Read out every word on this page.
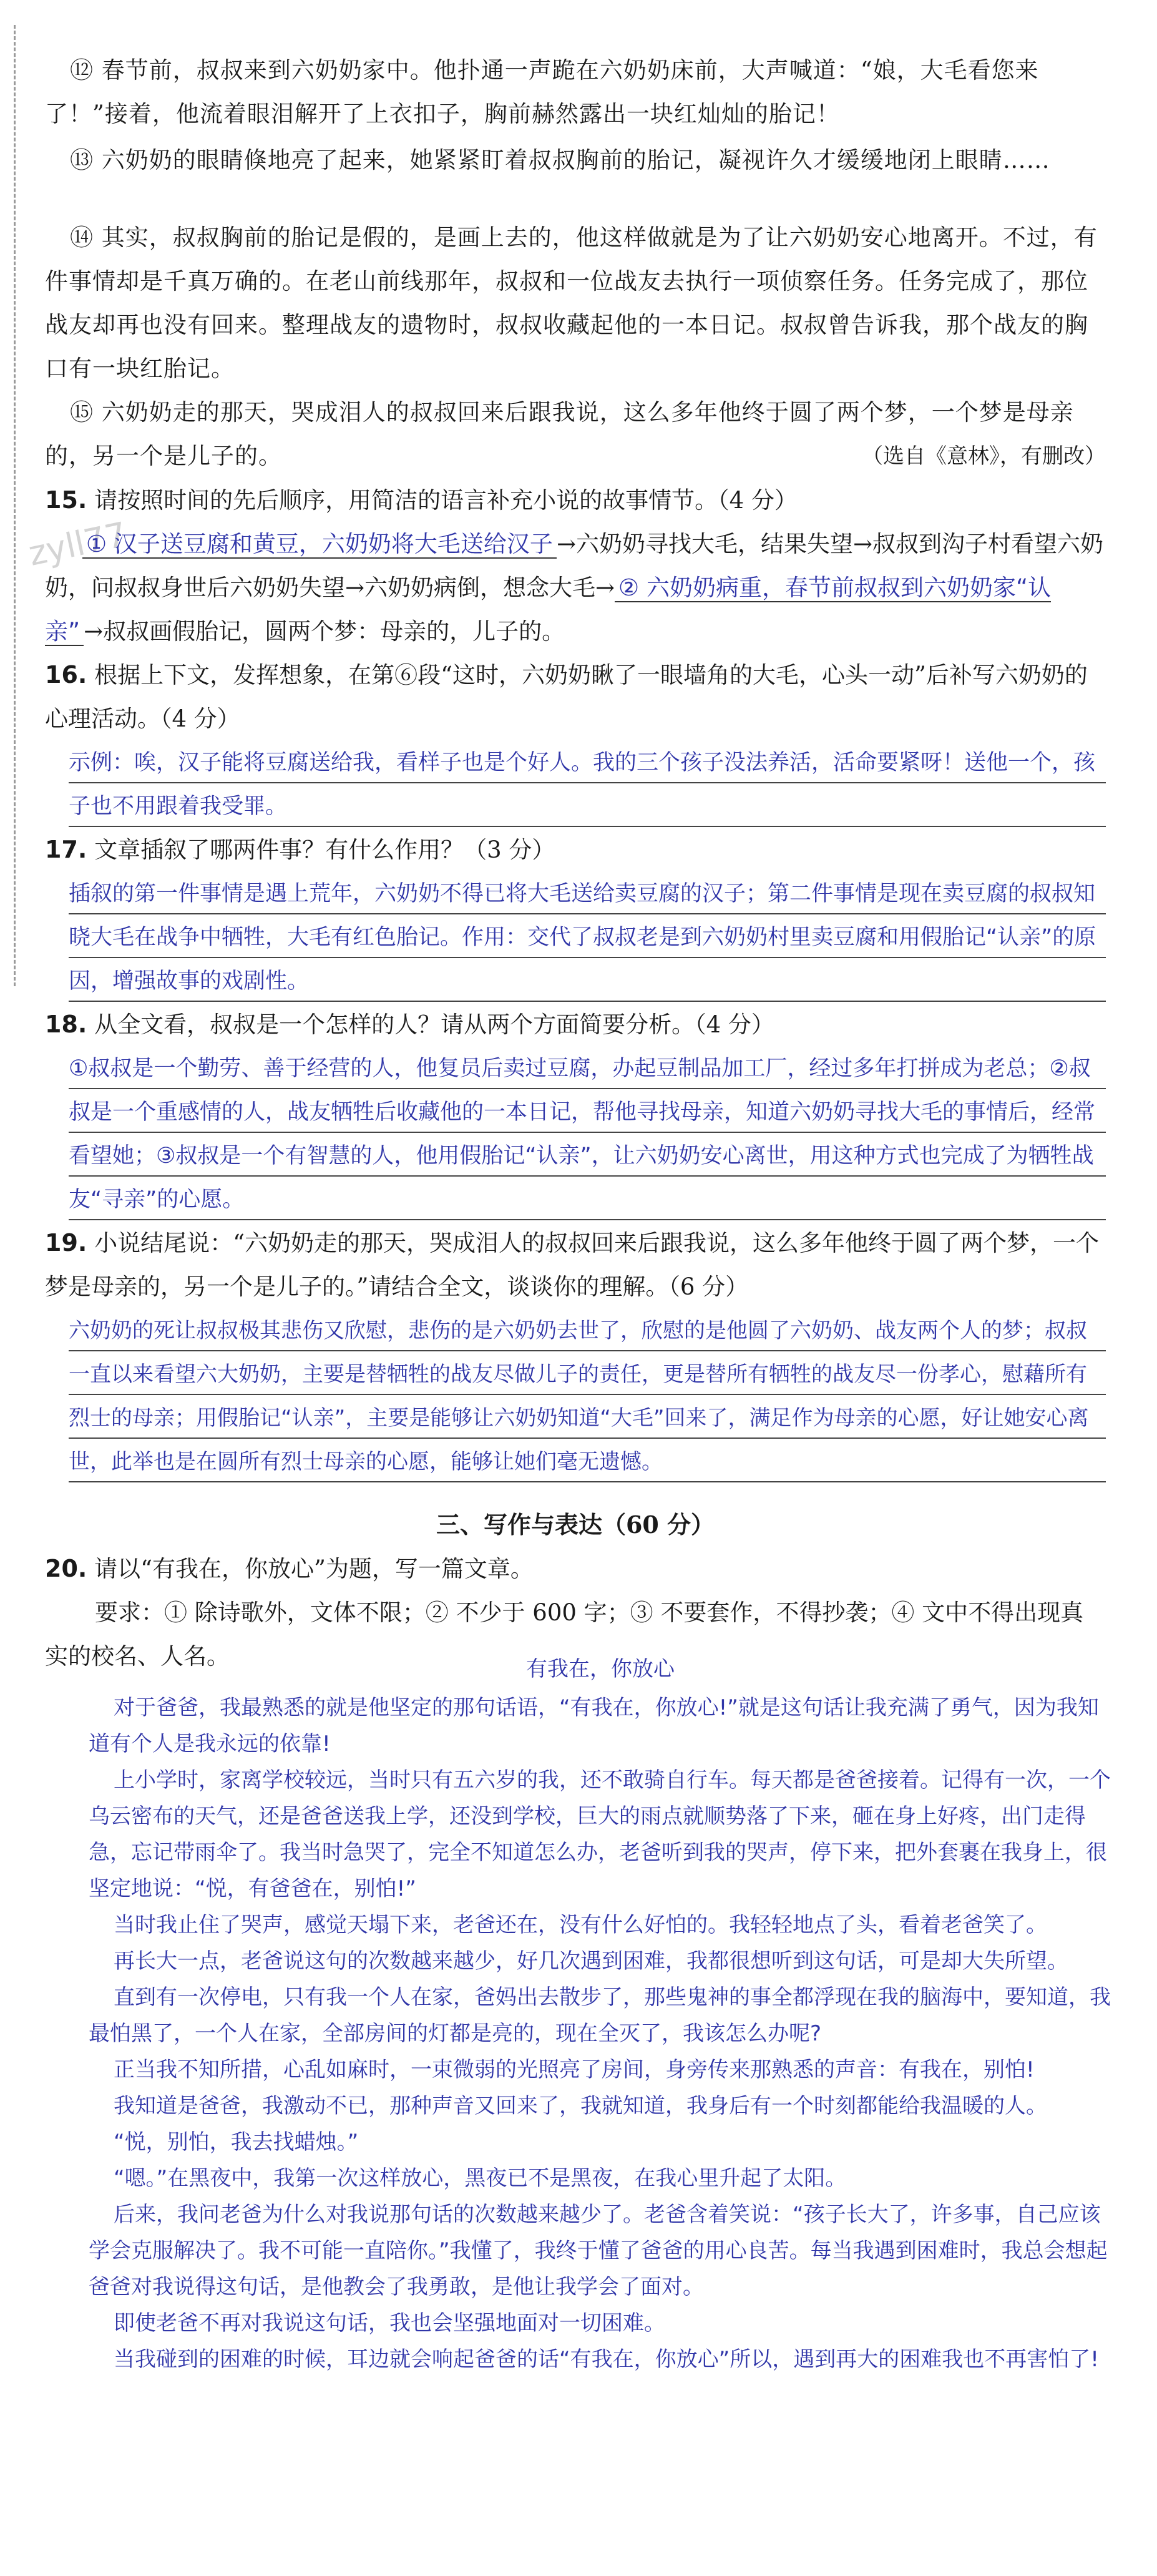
zyll77

⑫ 春节前，叔叔来到六奶奶家中。他扑通一声跪在六奶奶床前，大声喊道：“娘，大毛看您来了！”接着，他流着眼泪解开了上衣扣子，胸前赫然露出一块红灿灿的胎记！

⑬ 六奶奶的眼睛倏地亮了起来，她紧紧盯着叔叔胸前的胎记，凝视许久才缓缓地闭上眼睛……

⑭ 其实，叔叔胸前的胎记是假的，是画上去的，他这样做就是为了让六奶奶安心地离开。不过，有件事情却是千真万确的。在老山前线那年，叔叔和一位战友去执行一项侦察任务。任务完成了，那位战友却再也没有回来。整理战友的遗物时，叔叔收藏起他的一本日记。叔叔曾告诉我，那个战友的胸口有一块红胎记。

⑮ 六奶奶走的那天，哭成泪人的叔叔回来后跟我说，这么多年他终于圆了两个梦，一个梦是母亲的，另一个是儿子的。	（选自《意林》，有删改）

15. 请按照时间的先后顺序，用简洁的语言补充小说的故事情节。（4 分）

① 汉子送豆腐和黄豆，六奶奶将大毛送给汉子 →六奶奶寻找大毛，结果失望→叔叔到沟子村看望六奶奶，问叔叔身世后六奶奶失望→六奶奶病倒，想念大毛→ ② 六奶奶病重，春节前叔叔到六奶奶家“认亲” →叔叔画假胎记，圆两个梦：母亲的，儿子的。

16. 根据上下文，发挥想象，在第⑥段“这时，六奶奶瞅了一眼墙角的大毛，心头一动”后补写六奶奶的心理活动。（4 分）

示例：唉，汉子能将豆腐送给我，看样子也是个好人。我的三个孩子没法养活，活命要紧呀！送他一个，孩子也不用跟着我受罪。

17. 文章插叙了哪两件事？有什么作用？（3 分）

插叙的第一件事情是遇上荒年，六奶奶不得已将大毛送给卖豆腐的汉子；第二件事情是现在卖豆腐的叔叔知晓大毛在战争中牺牲，大毛有红色胎记。作用：交代了叔叔老是到六奶奶村里卖豆腐和用假胎记“认亲”的原因，增强故事的戏剧性。

18. 从全文看，叔叔是一个怎样的人？请从两个方面简要分析。（4 分）

①叔叔是一个勤劳、善于经营的人，他复员后卖过豆腐，办起豆制品加工厂，经过多年打拼成为老总；②叔叔是一个重感情的人，战友牺牲后收藏他的一本日记，帮他寻找母亲，知道六奶奶寻找大毛的事情后，经常看望她；③叔叔是一个有智慧的人，他用假胎记“认亲”，让六奶奶安心离世，用这种方式也完成了为牺牲战友“寻亲”的心愿。

19. 小说结尾说：“六奶奶走的那天，哭成泪人的叔叔回来后跟我说，这么多年他终于圆了两个梦，一个梦是母亲的，另一个是儿子的。”请结合全文，谈谈你的理解。（6 分）

六奶奶的死让叔叔极其悲伤又欣慰，悲伤的是六奶奶去世了，欣慰的是他圆了六奶奶、战友两个人的梦；叔叔一直以来看望六大奶奶，主要是替牺牲的战友尽做儿子的责任，更是替所有牺牲的战友尽一份孝心，慰藉所有烈士的母亲；用假胎记“认亲”，主要是能够让六奶奶知道“大毛”回来了，满足作为母亲的心愿，好让她安心离世，此举也是在圆所有烈士母亲的心愿，能够让她们毫无遗憾。

三、写作与表达（60 分）

20. 请以“有我在，你放心”为题，写一篇文章。

要求：① 除诗歌外，文体不限；② 不少于 600 字；③ 不要套作，不得抄袭；④ 文中不得出现真实的校名、人名。	有我在，你放心

对于爸爸，我最熟悉的就是他坚定的那句话语，“有我在，你放心!”就是这句话让我充满了勇气，因为我知道有个人是我永远的依靠!

上小学时，家离学校较远，当时只有五六岁的我，还不敢骑自行车。每天都是爸爸接着。记得有一次，一个乌云密布的天气，还是爸爸送我上学，还没到学校，巨大的雨点就顺势落了下来，砸在身上好疼，出门走得急，忘记带雨伞了。我当时急哭了，完全不知道怎么办，老爸听到我的哭声，停下来，把外套裹在我身上，很坚定地说：“悦，有爸爸在，别怕!”

当时我止住了哭声，感觉天塌下来，老爸还在，没有什么好怕的。我轻轻地点了头，看着老爸笑了。

再长大一点，老爸说这句的次数越来越少，好几次遇到困难，我都很想听到这句话，可是却大失所望。

直到有一次停电，只有我一个人在家，爸妈出去散步了，那些鬼神的事全都浮现在我的脑海中，要知道，我最怕黑了，一个人在家，全部房间的灯都是亮的，现在全灭了，我该怎么办呢?

正当我不知所措，心乱如麻时，一束微弱的光照亮了房间，身旁传来那熟悉的声音：有我在，别怕!

我知道是爸爸，我激动不已，那种声音又回来了，我就知道，我身后有一个时刻都能给我温暖的人。

“悦，别怕，我去找蜡烛。”

“嗯。”在黑夜中，我第一次这样放心，黑夜已不是黑夜，在我心里升起了太阳。

后来，我问老爸为什么对我说那句话的次数越来越少了。老爸含着笑说：“孩子长大了，许多事，自己应该学会克服解决了。我不可能一直陪你。”我懂了，我终于懂了爸爸的用心良苦。每当我遇到困难时，我总会想起爸爸对我说得这句话，是他教会了我勇敢，是他让我学会了面对。

即使老爸不再对我说这句话，我也会坚强地面对一切困难。

当我碰到的困难的时候，耳边就会响起爸爸的话“有我在，你放心”所以，遇到再大的困难我也不再害怕了!
